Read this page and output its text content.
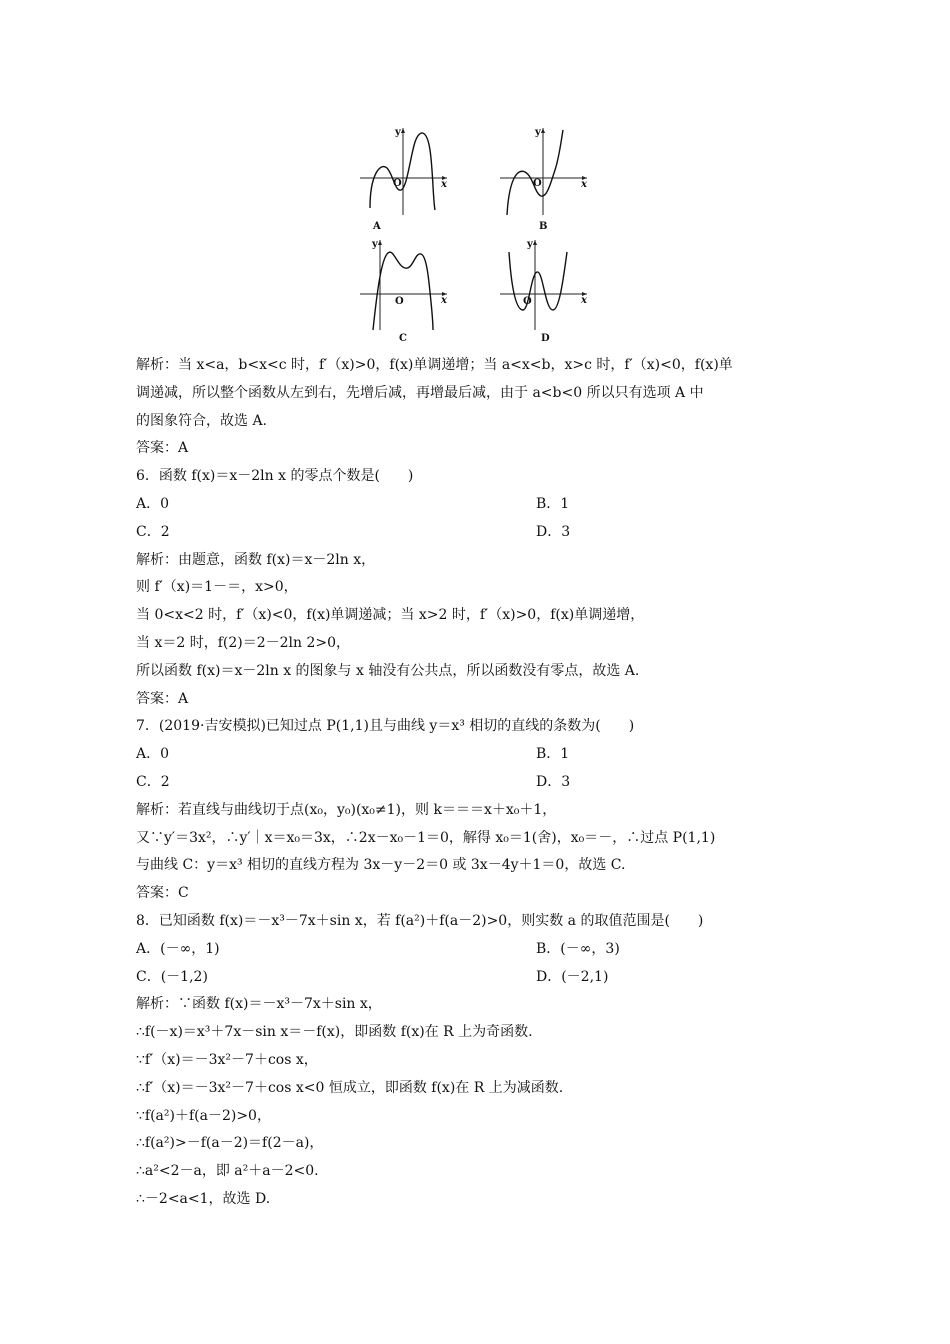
y
O	x
A
y
O	x
B
y
O	x
C
y
O	x
D
解析：当 x<a，b<x<c 时，f′（x)>0，f(x)单调递增；当 a<x<b，x>c 时，f′（x)<0，f(x)单
调递减，所以整个函数从左到右，先增后减，再增最后减，由于 a<b<0 所以只有选项 A 中
的图象符合，故选 A.
答案：A
6．函数 f(x)＝x－2ln x 的零点个数是(　　)
A．0	B．1
C．2	D．3
解析：由题意，函数 f(x)＝x－2ln x，
则 f′（x)＝1－＝，x>0，
当 0<x<2 时，f′（x)<0，f(x)单调递减；当 x>2 时，f′（x)>0，f(x)单调递增，
当 x＝2 时，f(2)＝2－2ln 2>0，
所以函数 f(x)＝x－2ln x 的图象与 x 轴没有公共点，所以函数没有零点，故选 A.
答案：A
7．(2019·吉安模拟)已知过点 P(1,1)且与曲线 y＝x³ 相切的直线的条数为(　　)
A．0	B．1
C．2	D．3
解析：若直线与曲线切于点(x₀，y₀)(x₀≠1)，则 k＝＝＝x＋x₀＋1，
又∵y′＝3x²，∴y′｜x＝x₀＝3x，∴2x－x₀－1＝0，解得 x₀＝1(舍)，x₀＝－，∴过点 P(1,1)
与曲线 C：y＝x³ 相切的直线方程为 3x－y－2＝0 或 3x－4y＋1＝0，故选 C.
答案：C
8．已知函数 f(x)＝－x³－7x＋sin x，若 f(a²)＋f(a－2)>0，则实数 a 的取值范围是(　　)
A．(－∞，1)	B．(－∞，3)
C．(－1,2)	D．(－2,1)
解析：∵函数 f(x)＝－x³－7x＋sin x，
∴f(－x)＝x³＋7x－sin x＝－f(x)，即函数 f(x)在 R 上为奇函数.
∵f′（x)＝－3x²－7＋cos x，
∴f′（x)＝－3x²－7＋cos x<0 恒成立，即函数 f(x)在 R 上为减函数.
∵f(a²)＋f(a－2)>0，
∴f(a²)>－f(a－2)＝f(2－a)，
∴a²<2－a，即 a²＋a－2<0.
∴－2<a<1，故选 D.
